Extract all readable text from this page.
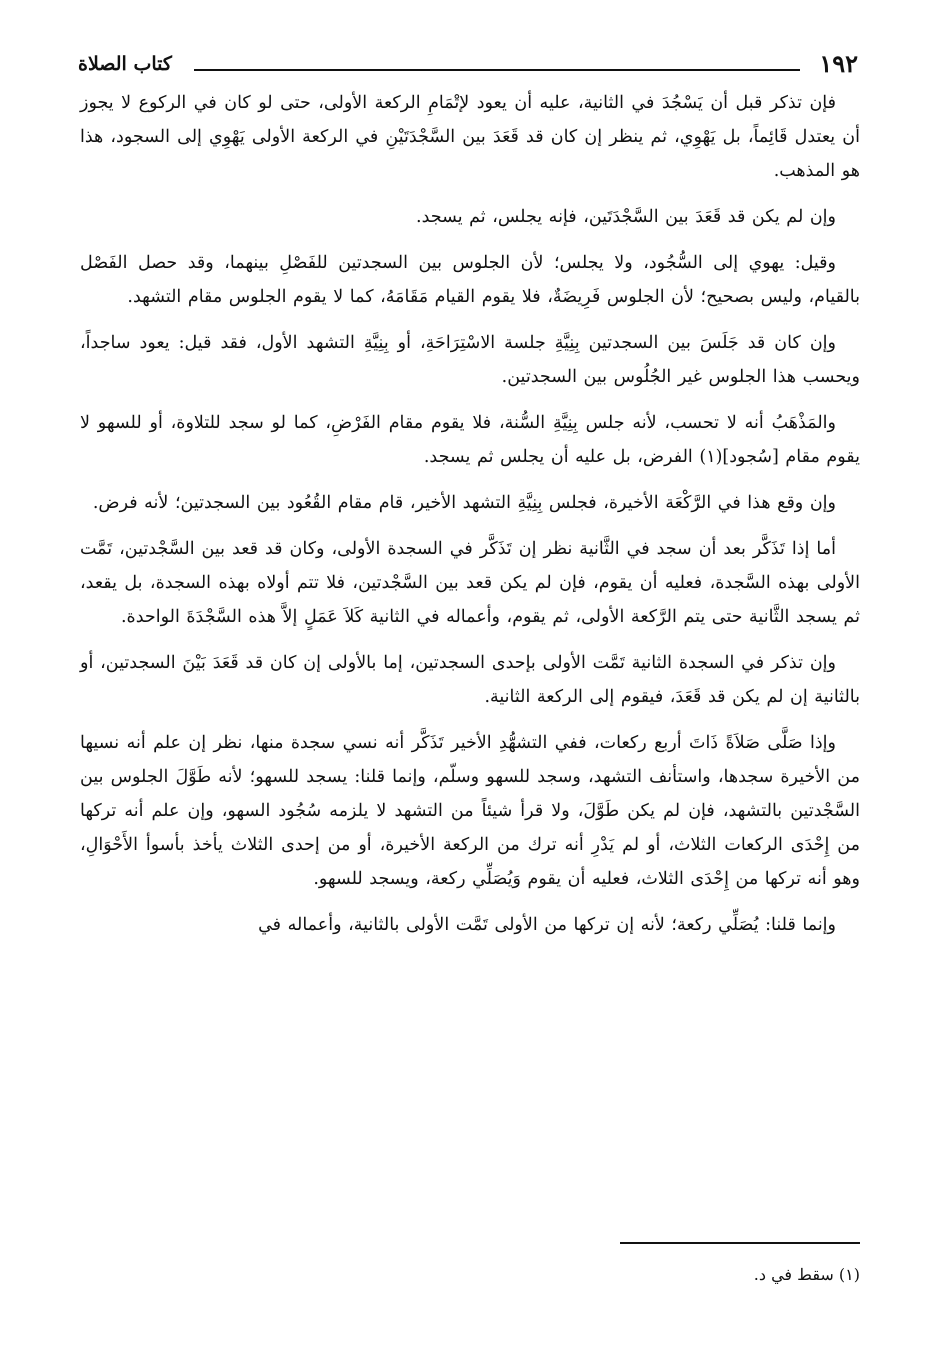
١٩٢
كتاب الصلاة

فإن تذكر قبل أن يَسْجُدَ في الثانية، عليه أن يعود لإتْمَامِ الركعة الأولى، حتى لو كان في الركوع لا يجوز أن يعتدل قَائِماً، بل يَهْوِي، ثم ينظر إن كان قد قَعَدَ بين السَّجْدَتَيْنِ في الركعة الأولى يَهْوِي إلى السجود، هذا هو المذهب.

وإن لم يكن قد قَعَدَ بين السَّجْدَتَين، فإنه يجلس، ثم يسجد.

وقيل: يهوي إلى السُّجُود، ولا يجلس؛ لأن الجلوس بين السجدتين للفَصْلِ بينهما، وقد حصل الفَصْل بالقيام، وليس بصحيح؛ لأن الجلوس فَرِيضَةٌ، فلا يقوم القيام مَقَامَهُ، كما لا يقوم الجلوس مقام التشهد.

وإن كان قد جَلَسَ بين السجدتين بِنِيَّةِ جلسة الاسْتِرَاحَةِ، أو بِنِيَّةِ التشهد الأول، فقد قيل: يعود ساجداً، ويحسب هذا الجلوس غير الجُلُوس بين السجدتين.

والمَذْهَبُ أنه لا تحسب، لأنه جلس بِنِيَّةِ السُّنة، فلا يقوم مقام الفَرْضِ، كما لو سجد للتلاوة، أو للسهو لا يقوم مقام [سُجود](١) الفرض، بل عليه أن يجلس ثم يسجد.

وإن وقع هذا في الرَّكْعَة الأخيرة، فجلس بِنِيَّةِ التشهد الأخير، قام مقام القُعُود بين السجدتين؛ لأنه فرض.

أما إذا تَذَكَّر بعد أن سجد في الثَّانية نظر إن تَذَكَّر في السجدة الأولى، وكان قد قعد بين السَّجْدتين، تَمَّت الأولى بهذه السَّجدة، فعليه أن يقوم، فإن لم يكن قعد بين السَّجْدتين، فلا تتم أولاه بهذه السجدة، بل يقعد، ثم يسجد الثَّانية حتى يتم الرَّكعة الأولى، ثم يقوم، وأعماله في الثانية كَلاَ عَمَلٍ إلاَّ هذه السَّجْدَةَ الواحدة.

وإن تذكر في السجدة الثانية تَمَّت الأولى بإحدى السجدتين، إما بالأولى إن كان قد قَعَدَ بَيْنَ السجدتين، أو بالثانية إن لم يكن قد قَعَدَ، فيقوم إلى الركعة الثانية.

وإذا صَلَّى صَلاَةً ذَاتَ أربع ركعات، ففي التشهُّدِ الأخير تَذَكَّر أنه نسي سجدة منها، نظر إن علم أنه نسيها من الأخيرة سجدها، واستأنف التشهد، وسجد للسهو وسلّم، وإنما قلنا: يسجد للسهو؛ لأنه طَوَّلَ الجلوس بين السَّجْدتين بالتشهد، فإن لم يكن طَوَّلَ، ولا قرأ شيئاً من التشهد لا يلزمه سُجُود السهو، وإن علم أنه تركها من إِحْدَى الركعات الثلاث، أو لم يَدْرِ أنه ترك من الركعة الأخيرة، أو من إحدى الثلاث يأخذ بأسوأ الأَحْوَالِ، وهو أنه تركها من إِحْدَى الثلاث، فعليه أن يقوم وَيُصَلِّي ركعة، ويسجد للسهو.

وإنما قلنا: يُصَلِّي ركعة؛ لأنه إن تركها من الأولى تَمَّت الأولى بالثانية، وأعماله في

(١) سقط في د.
